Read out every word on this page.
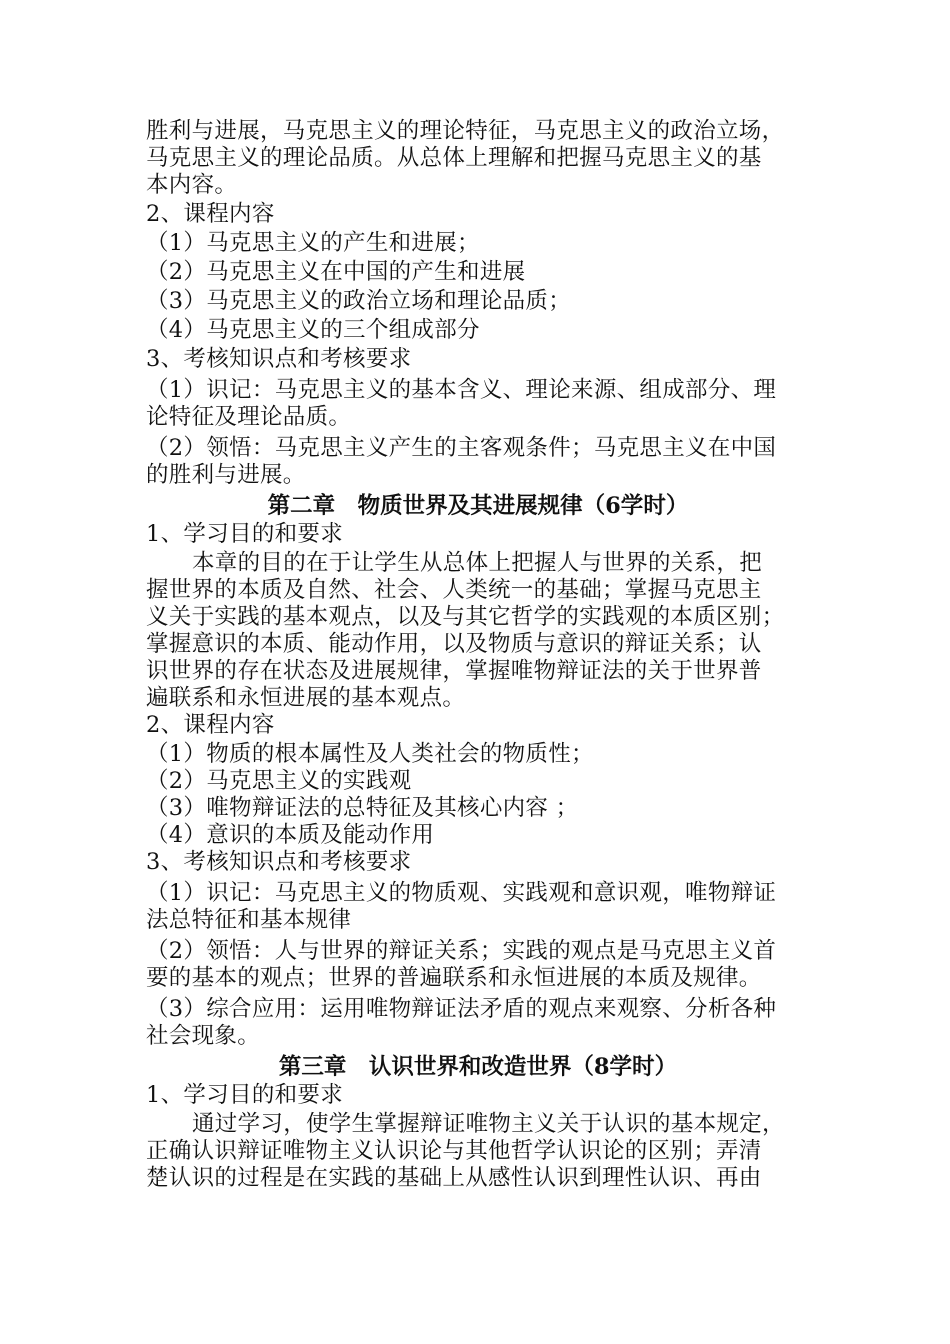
胜利与进展，马克思主义的理论特征，马克思主义的政治立场，
马克思主义的理论品质。从总体上理解和把握马克思主义的基
本内容。
2、课程内容
（1）马克思主义的产生和进展；
（2）马克思主义在中国的产生和进展
（3）马克思主义的政治立场和理论品质；
（4）马克思主义的三个组成部分
3、考核知识点和考核要求
（1）识记：马克思主义的基本含义、理论来源、组成部分、理
论特征及理论品质。
（2）领悟：马克思主义产生的主客观条件；马克思主义在中国
的胜利与进展。
第二章　物质世界及其进展规律（6学时）
1、学习目的和要求
本章的目的在于让学生从总体上把握人与世界的关系，把
握世界的本质及自然、社会、人类统一的基础；掌握马克思主
义关于实践的基本观点，以及与其它哲学的实践观的本质区别；
掌握意识的本质、能动作用，以及物质与意识的辩证关系；认
识世界的存在状态及进展规律，掌握唯物辩证法的关于世界普
遍联系和永恒进展的基本观点。
2、课程内容
（1）物质的根本属性及人类社会的物质性；
（2）马克思主义的实践观
（3）唯物辩证法的总特征及其核心内容 ；
（4）意识的本质及能动作用
3、考核知识点和考核要求
（1）识记：马克思主义的物质观、实践观和意识观，唯物辩证
法总特征和基本规律
（2）领悟：人与世界的辩证关系；实践的观点是马克思主义首
要的基本的观点；世界的普遍联系和永恒进展的本质及规律。
（3）综合应用：运用唯物辩证法矛盾的观点来观察、分析各种
社会现象。
第三章　认识世界和改造世界（8学时）
1、学习目的和要求
通过学习，使学生掌握辩证唯物主义关于认识的基本规定，
正确认识辩证唯物主义认识论与其他哲学认识论的区别；弄清
楚认识的过程是在实践的基础上从感性认识到理性认识、再由
